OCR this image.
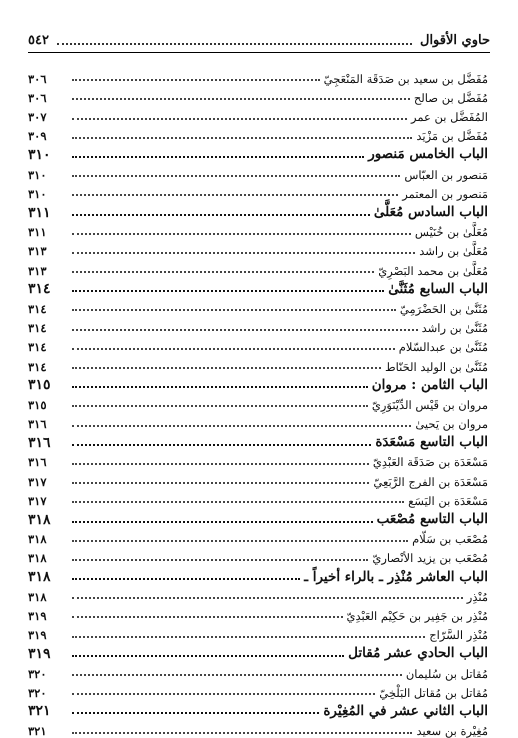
حاوي الأقوال
٥٤٢
مُفَضَّل بن سعيد بن صَدَقَة المَنْعَجِيّ
٣٠٦
مُفَضَّل بن صالح
٣٠٦
المُفَضَّل بن عمر
٣٠٧
مُفَضَّل بن مَزْيَد
٣٠٩
الباب الخامس مَنصور
٣١٠
مَنصور بن العبّاس
٣١٠
مَنصور بن المعتمر
٣١٠
الباب السادس مُعَلَّىٰ
٣١١
مُعَلَّىٰ بن خُنَيْس
٣١١
مُعَلَّىٰ بن راشد
٣١٣
مُعَلَّىٰ بن محمد البَصْرِيّ
٣١٣
الباب السابع مُثَنَّىٰ
٣١٤
مُثَنَّىٰ بن الحَضْرَمِيّ
٣١٤
مُثَنَّىٰ بن راشد
٣١٤
مُثَنَّىٰ بن عبدالسّلام
٣١٤
مُثَنَّىٰ بن الوليد الحَنّاط
٣١٤
الباب الثامن : مروان
٣١٥
مروان بن قَيْس الدِّيْنَوَرِيّ
٣١٥
مروان بن يَحيىٰ
٣١٦
الباب التاسع مَسْعَدَة
٣١٦
مَسْعَدَة بن صَدَقَة العَبْدِيّ
٣١٦
مَسْعَدَة بن الفرج الرَّبَعِيّ
٣١٧
مَسْعَدَة بن اليَسَع
٣١٧
الباب التاسع مُصْعَب
٣١٨
مُصْعَب بن سَلّام
٣١٨
مُصْعَب بن يزيد الأنْصاريّ
٣١٨
الباب العاشر مُنْذِر ـ بالراء أخيراً ـ
٣١٨
مُنْذِر
٣١٨
مُنْذِر بن جَفِير بن حَكِيْم العَبْدِيّ
٣١٩
مُنْذِر السَّرّاج
٣١٩
الباب الحادي عشر مُقاتل
٣١٩
مُقاتل بن سُليمان
٣٢٠
مُقاتل بن مُقاتل البَلْخِيّ
٣٢٠
الباب الثاني عشر في المُغِيْرة
٣٢١
مُغِيْرة بن سعيد
٣٢١
